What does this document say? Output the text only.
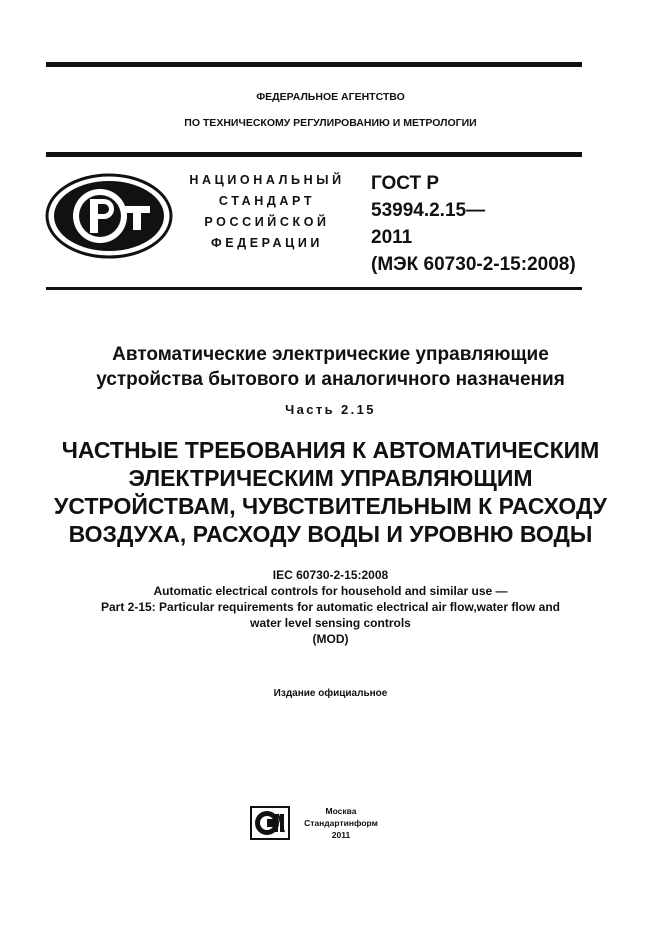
ФЕДЕРАЛЬНОЕ АГЕНТСТВО
ПО ТЕХНИЧЕСКОМУ РЕГУЛИРОВАНИЮ И МЕТРОЛОГИИ
НАЦИОНАЛЬНЫЙ
СТАНДАРТ
РОССИЙСКОЙ
ФЕДЕРАЦИИ
ГОСТ Р
53994.2.15—
2011
(МЭК 60730-2-15:2008)
Автоматические электрические управляющие
устройства бытового и аналогичного назначения
Часть 2.15
ЧАСТНЫЕ ТРЕБОВАНИЯ К АВТОМАТИЧЕСКИМ
ЭЛЕКТРИЧЕСКИМ УПРАВЛЯЮЩИМ
УСТРОЙСТВАМ, ЧУВСТВИТЕЛЬНЫМ К РАСХОДУ
ВОЗДУХА, РАСХОДУ ВОДЫ И УРОВНЮ ВОДЫ
IEC 60730-2-15:2008
Automatic electrical controls for household and similar use —
Part 2-15: Particular requirements for automatic electrical air flow,water flow and
water level sensing controls
(MOD)
Издание официальное
Москва
Стандартинформ
2011
